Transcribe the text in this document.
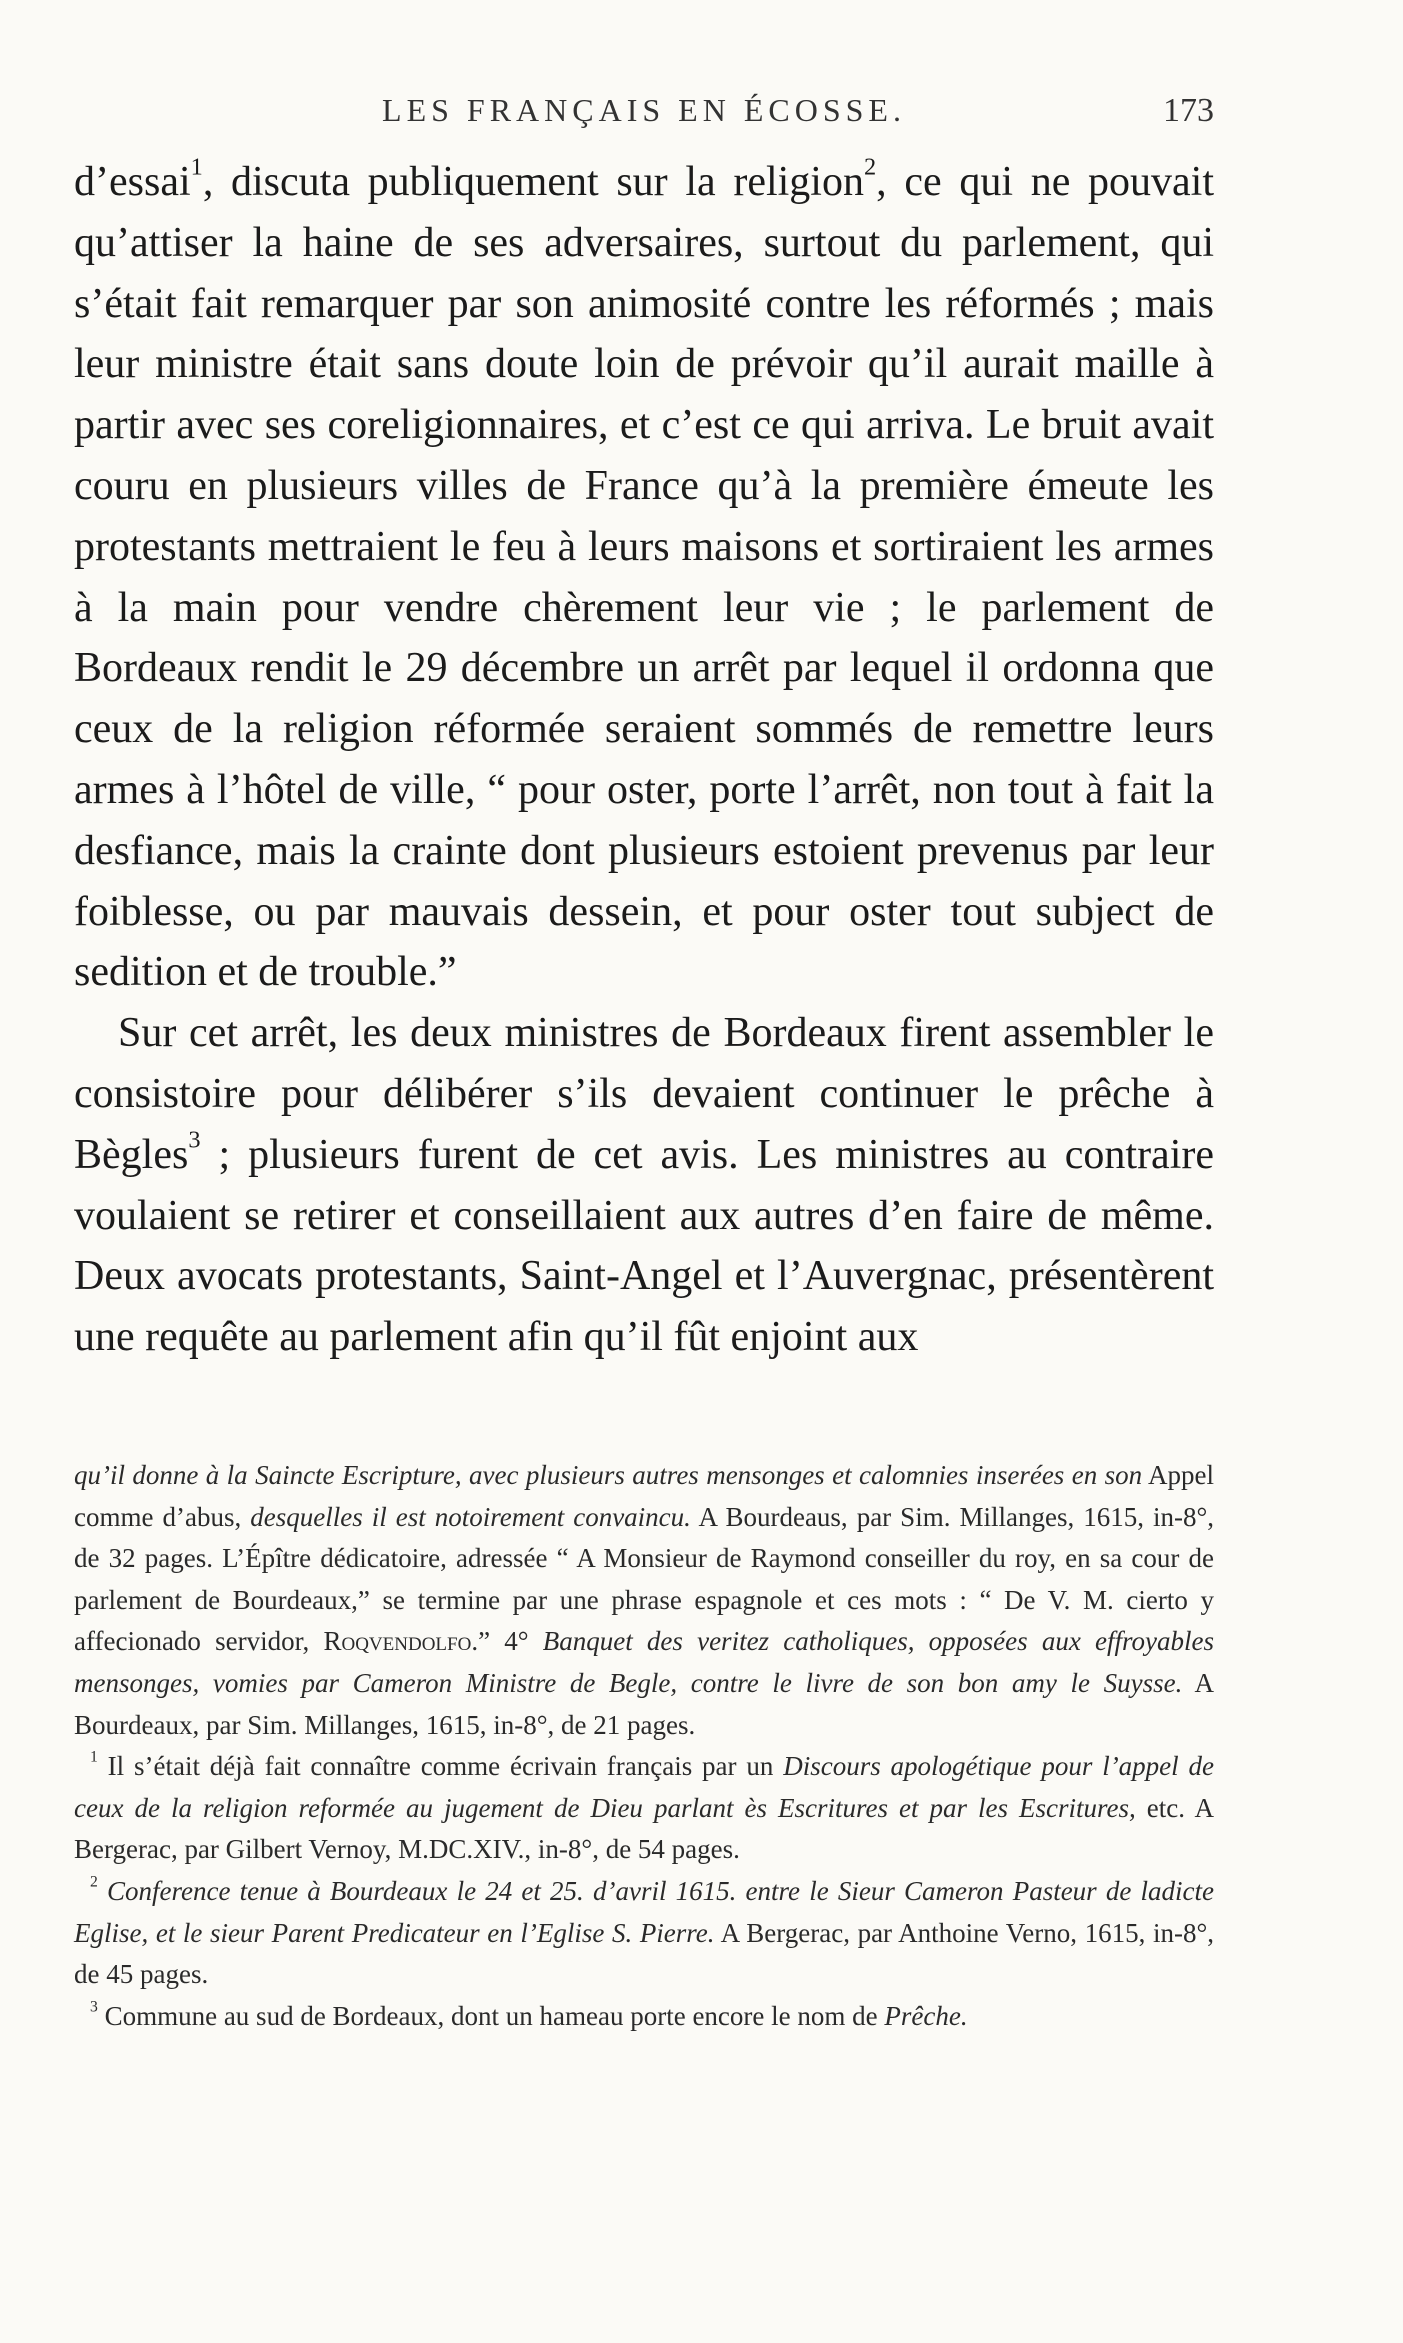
LES FRANÇAIS EN ÉCOSSE.	173

d’essai$^1$, discuta publiquement sur la religion$^2$, ce qui ne pouvait qu’attiser la haine de ses adversaires, surtout du parlement, qui s’était fait remarquer par son animosité contre les réformés ; mais leur ministre était sans doute loin de prévoir qu’il aurait maille à partir avec ses coreligionnaires, et c’est ce qui arriva. Le bruit avait couru en plusieurs villes de France qu’à la première émeute les protestants mettraient le feu à leurs maisons et sortiraient les armes à la main pour vendre chèrement leur vie ; le parlement de Bordeaux rendit le 29 décembre un arrêt par lequel il ordonna que ceux de la religion réformée seraient sommés de remettre leurs armes à l’hôtel de ville, “ pour oster, porte l’arrêt, non tout à fait la desfiance, mais la crainte dont plusieurs estoient prevenus par leur foiblesse, ou par mauvais dessein, et pour oster tout subject de sedition et de trouble.”

Sur cet arrêt, les deux ministres de Bordeaux firent assembler le consistoire pour délibérer s’ils devaient continuer le prêche à Bègles$^3$ ; plusieurs furent de cet avis. Les ministres au contraire voulaient se retirer et conseillaient aux autres d’en faire de même. Deux avocats protestants, Saint-Angel et l’Auvergnac, présentèrent une requête au parlement afin qu’il fût enjoint aux

qu’il donne à la Saincte Escripture, avec plusieurs autres mensonges et calomnies inserées en son Appel comme d’abus, desquelles il est notoirement convaincu. A Bourdeaus, par Sim. Millanges, 1615, in-8°, de 32 pages. L’Épître dédicatoire, adressée “ A Monsieur de Raymond conseiller du roy, en sa cour de parlement de Bourdeaux,” se termine par une phrase espagnole et ces mots : “ De V. M. cierto y affecionado servidor, Roqvendolfo.” 4° Banquet des veritez catholiques, opposées aux effroyables mensonges, vomies par Cameron Ministre de Begle, contre le livre de son bon amy le Suysse. A Bourdeaux, par Sim. Millanges, 1615, in-8°, de 21 pages.

$^1$ Il s’était déjà fait connaître comme écrivain français par un Discours apologétique pour l’appel de ceux de la religion reformée au jugement de Dieu parlant ès Escritures et par les Escritures, etc. A Bergerac, par Gilbert Vernoy, M.DC.XIV., in-8°, de 54 pages.

$^2$ Conference tenue à Bourdeaux le 24 et 25. d’avril 1615. entre le Sieur Cameron Pasteur de ladicte Eglise, et le sieur Parent Predicateur en l’Eglise S. Pierre. A Bergerac, par Anthoine Verno, 1615, in-8°, de 45 pages.

$^3$ Commune au sud de Bordeaux, dont un hameau porte encore le nom de Prêche.
